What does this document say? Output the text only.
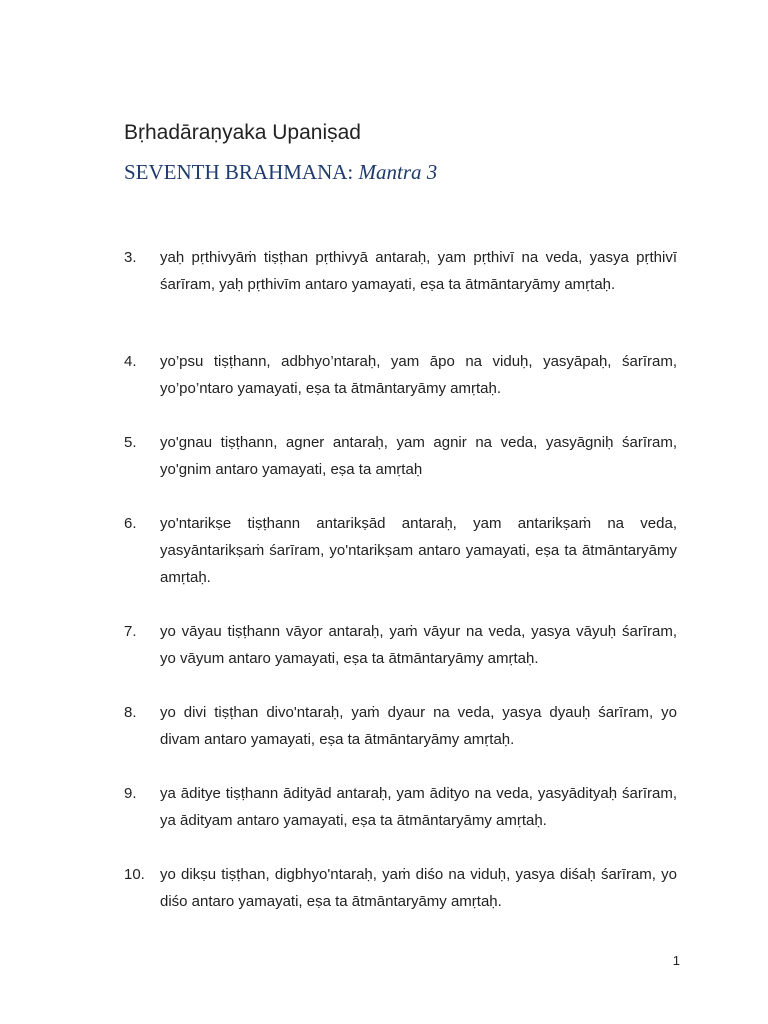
Bṛhadāraṇyaka Upaniṣad
SEVENTH BRAHMANA: Mantra 3
3.	yaḥ pṛthivyāṁ tiṣṭhan pṛthivyā antaraḥ, yam pṛthivī na veda, yasya pṛthivī śarīram, yaḥ pṛthivīm antaro yamayati, eṣa ta ātmāntaryāmy amṛtaḥ.
4.	yo’psu tiṣṭhann, adbhyo’ntaraḥ, yam āpo na viduḥ, yasyāpaḥ, śarīram, yo’po’ntaro yamayati, eṣa ta ātmāntaryāmy amṛtaḥ.
5.	yo'gnau tiṣṭhann, agner antaraḥ, yam agnir na veda, yasyāgniḥ śarīram, yo'gnim antaro yamayati, eṣa ta amṛtaḥ
6.	yo'ntarikṣe tiṣṭhann antarikṣād antaraḥ, yam antarikṣaṁ na veda, yasyāntarikṣaṁ śarīram, yo'ntarikṣam antaro yamayati, eṣa ta ātmāntaryāmy amṛtaḥ.
7.	yo vāyau tiṣṭhann vāyor antaraḥ, yaṁ vāyur na veda, yasya vāyuḥ śarīram, yo vāyum antaro yamayati, eṣa ta ātmāntaryāmy amṛtaḥ.
8.	yo divi tiṣṭhan divo'ntaraḥ, yaṁ dyaur na veda, yasya dyauḥ śarīram, yo divam antaro yamayati, eṣa ta ātmāntaryāmy amṛtaḥ.
9.	ya āditye tiṣṭhann ādityād antaraḥ, yam ādityo na veda, yasyādityaḥ śarīram, ya ādityam antaro yamayati, eṣa ta ātmāntaryāmy amṛtaḥ.
10.	yo dikṣu tiṣṭhan, digbhyo'ntaraḥ, yaṁ diśo na viduḥ, yasya diśaḥ śarīram, yo diśo antaro yamayati, eṣa ta ātmāntaryāmy amṛtaḥ.
1
